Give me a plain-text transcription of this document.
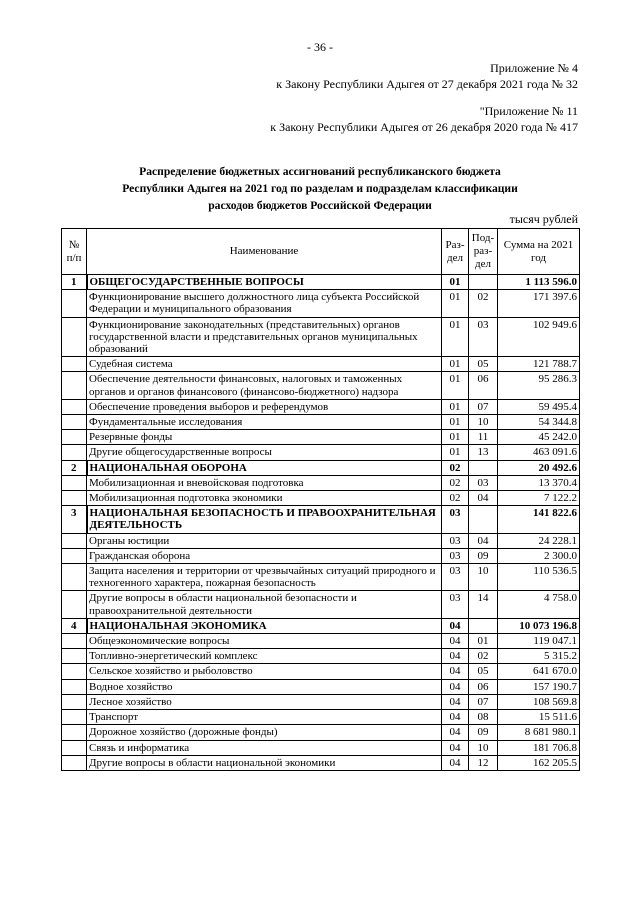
- 36 -
Приложение № 4
к Закону Республики Адыгея от 27 декабря 2021 года № 32
"Приложение № 11
к Закону Республики Адыгея от 26 декабря 2020 года № 417
Распределение бюджетных ассигнований республиканского бюджета
Республики Адыгея на 2021 год по разделам и подразделам классификации
расходов бюджетов Российской Федерации
тысяч рублей
№ п/п	Наименование	Раз-дел	Под-раз-дел	Сумма на 2021 год
1	ОБЩЕГОСУДАРСТВЕННЫЕ ВОПРОСЫ	01		1 113 596.0
	Функционирование высшего должностного лица субъекта Российской Федерации и муниципального образования	01	02	171 397.6
	Функционирование законодательных (представительных) органов государственной власти и представительных органов муниципальных образований	01	03	102 949.6
	Судебная система	01	05	121 788.7
	Обеспечение деятельности финансовых, налоговых и таможенных органов и органов финансового (финансово-бюджетного) надзора	01	06	95 286.3
	Обеспечение проведения выборов и референдумов	01	07	59 495.4
	Фундаментальные исследования	01	10	54 344.8
	Резервные фонды	01	11	45 242.0
	Другие общегосударственные вопросы	01	13	463 091.6
2	НАЦИОНАЛЬНАЯ ОБОРОНА	02		20 492.6
	Мобилизационная и вневойсковая подготовка	02	03	13 370.4
	Мобилизационная подготовка экономики	02	04	7 122.2
3	НАЦИОНАЛЬНАЯ БЕЗОПАСНОСТЬ И ПРАВООХРАНИТЕЛЬНАЯ ДЕЯТЕЛЬНОСТЬ	03		141 822.6
	Органы юстиции	03	04	24 228.1
	Гражданская оборона	03	09	2 300.0
	Защита населения и территории от чрезвычайных ситуаций природного и техногенного характера, пожарная безопасность	03	10	110 536.5
	Другие вопросы в области национальной безопасности и правоохранительной деятельности	03	14	4 758.0
4	НАЦИОНАЛЬНАЯ ЭКОНОМИКА	04		10 073 196.8
	Общеэкономические вопросы	04	01	119 047.1
	Топливно-энергетический комплекс	04	02	5 315.2
	Сельское хозяйство и рыболовство	04	05	641 670.0
	Водное хозяйство	04	06	157 190.7
	Лесное хозяйство	04	07	108 569.8
	Транспорт	04	08	15 511.6
	Дорожное хозяйство (дорожные фонды)	04	09	8 681 980.1
	Связь и информатика	04	10	181 706.8
	Другие вопросы в области национальной экономики	04	12	162 205.5
